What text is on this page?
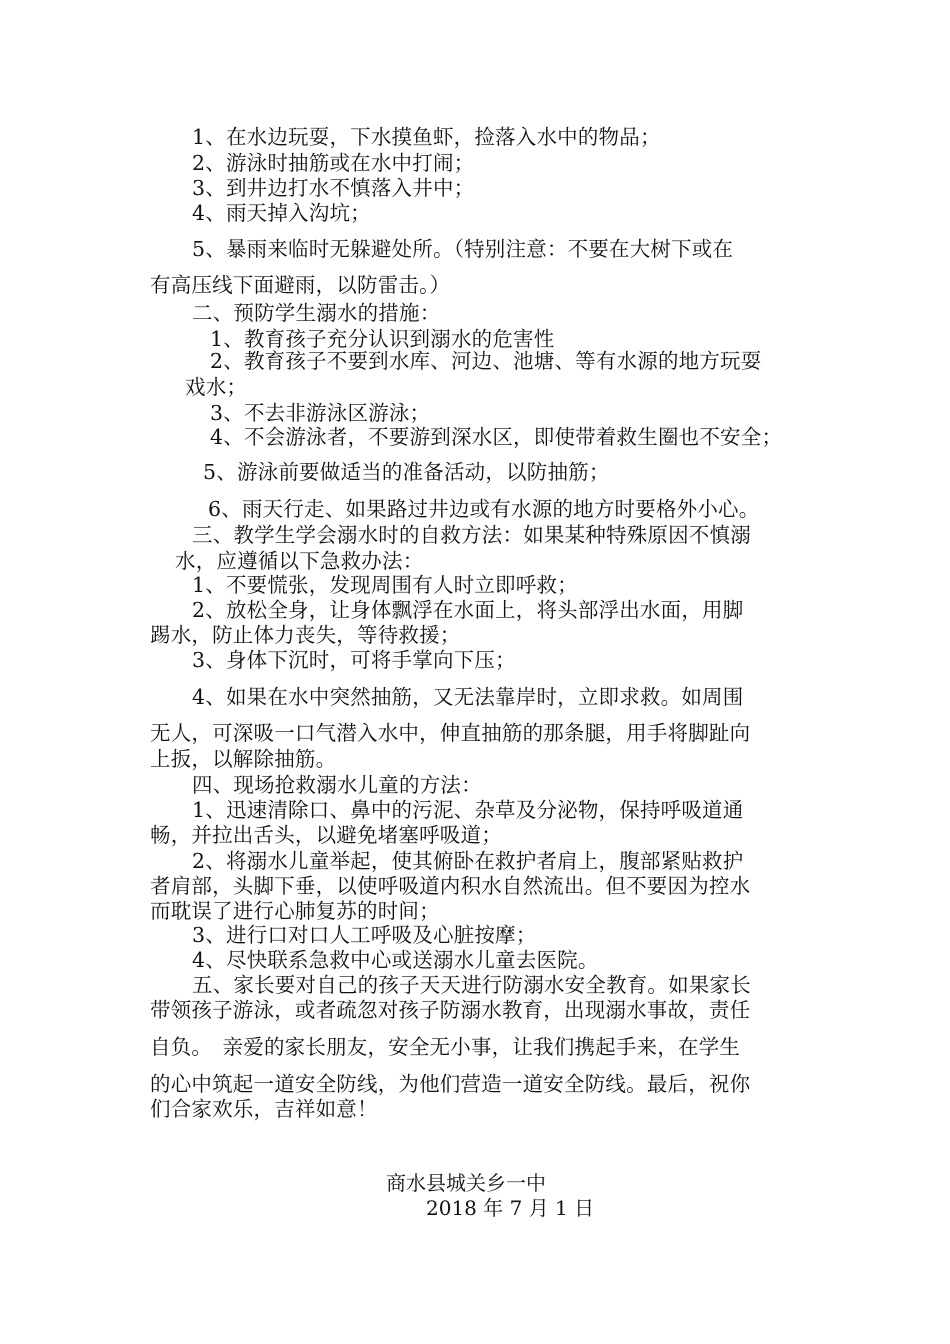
1、在水边玩耍，下水摸鱼虾，捡落入水中的物品；
2、游泳时抽筋或在水中打闹；
3、到井边打水不慎落入井中；
4、雨天掉入沟坑；
5、暴雨来临时无躲避处所。（特别注意：不要在大树下或在
有高压线下面避雨，以防雷击。）
二、预防学生溺水的措施：
1、教育孩子充分认识到溺水的危害性
2、教育孩子不要到水库、河边、池塘、等有水源的地方玩耍
戏水；
3、不去非游泳区游泳；
4、不会游泳者，不要游到深水区，即使带着救生圈也不安全；
5、游泳前要做适当的准备活动，以防抽筋；
6、雨天行走、如果路过井边或有水源的地方时要格外小心。
三、教学生学会溺水时的自救方法：如果某种特殊原因不慎溺
水，应遵循以下急救办法：
1、不要慌张，发现周围有人时立即呼救；
2、放松全身，让身体飘浮在水面上，将头部浮出水面，用脚
踢水，防止体力丧失，等待救援；
3、身体下沉时，可将手掌向下压；
4、如果在水中突然抽筋，又无法靠岸时，立即求救。如周围
无人，可深吸一口气潜入水中，伸直抽筋的那条腿，用手将脚趾向
上扳，以解除抽筋。
四、现场抢救溺水儿童的方法：
1、迅速清除口、鼻中的污泥、杂草及分泌物，保持呼吸道通
畅，并拉出舌头，以避免堵塞呼吸道；
2、将溺水儿童举起，使其俯卧在救护者肩上，腹部紧贴救护
者肩部，头脚下垂，以使呼吸道内积水自然流出。但不要因为控水
而耽误了进行心肺复苏的时间；
3、进行口对口人工呼吸及心脏按摩；
4、尽快联系急救中心或送溺水儿童去医院。
五、家长要对自己的孩子天天进行防溺水安全教育。如果家长
带领孩子游泳，或者疏忽对孩子防溺水教育，出现溺水事故，责任
自负。　亲爱的家长朋友，安全无小事，让我们携起手来，在学生
的心中筑起一道安全防线，为他们营造一道安全防线。最后，祝你
们合家欢乐，吉祥如意！
商水县城关乡一中
2018 年 7 月 1 日
